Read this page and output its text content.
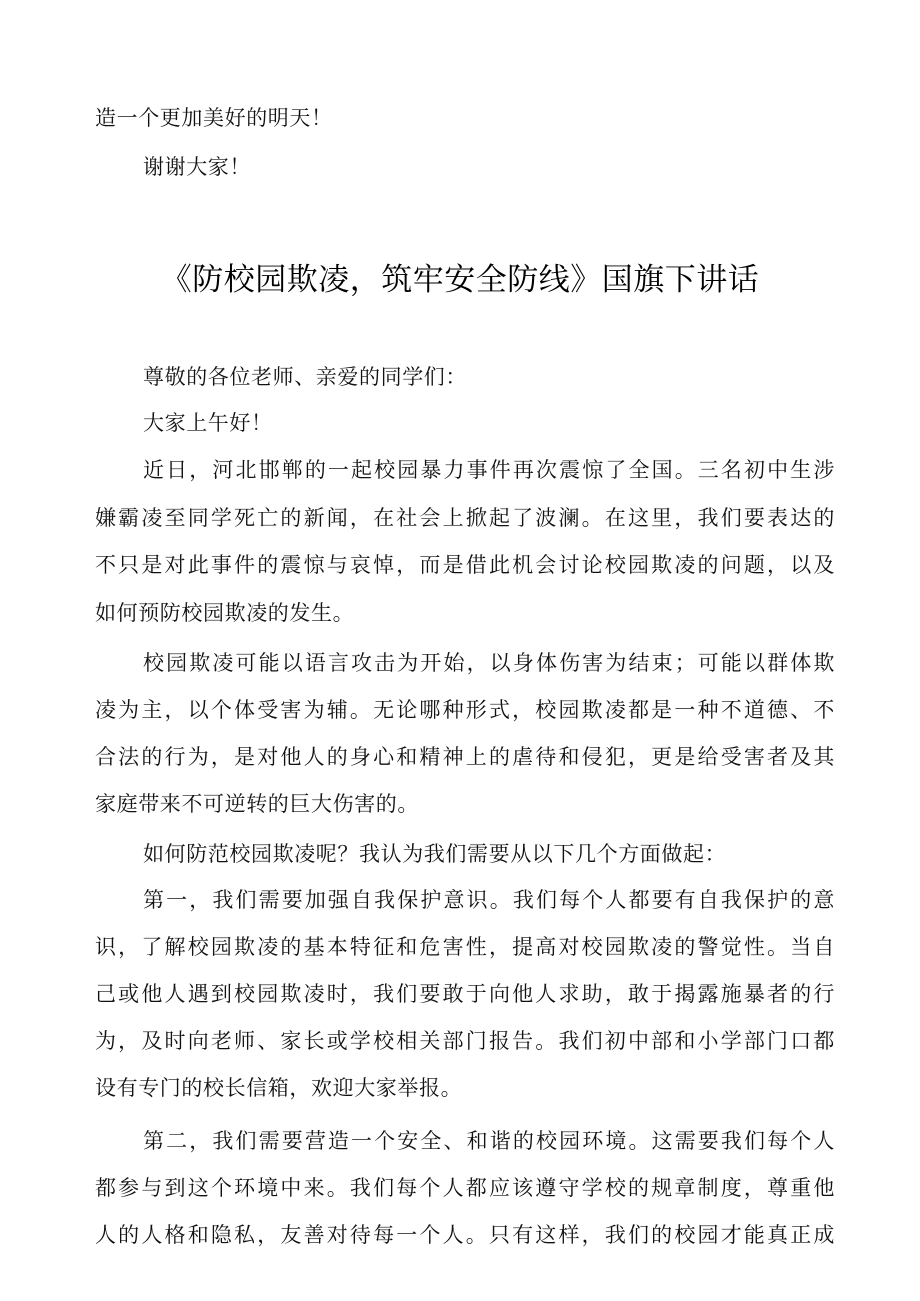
造一个更加美好的明天！
谢谢大家！
《防校园欺凌，筑牢安全防线》国旗下讲话
尊敬的各位老师、亲爱的同学们：
大家上午好！
近日，河北邯郸的一起校园暴力事件再次震惊了全国。三名初中生涉
嫌霸凌至同学死亡的新闻，在社会上掀起了波澜。在这里，我们要表达的
不只是对此事件的震惊与哀悼，而是借此机会讨论校园欺凌的问题，以及
如何预防校园欺凌的发生。
校园欺凌可能以语言攻击为开始，以身体伤害为结束；可能以群体欺
凌为主，以个体受害为辅。无论哪种形式，校园欺凌都是一种不道德、不
合法的行为，是对他人的身心和精神上的虐待和侵犯，更是给受害者及其
家庭带来不可逆转的巨大伤害的。
如何防范校园欺凌呢？我认为我们需要从以下几个方面做起：
第一，我们需要加强自我保护意识。我们每个人都要有自我保护的意
识，了解校园欺凌的基本特征和危害性，提高对校园欺凌的警觉性。当自
己或他人遇到校园欺凌时，我们要敢于向他人求助，敢于揭露施暴者的行
为，及时向老师、家长或学校相关部门报告。我们初中部和小学部门口都
设有专门的校长信箱，欢迎大家举报。
第二，我们需要营造一个安全、和谐的校园环境。这需要我们每个人
都参与到这个环境中来。我们每个人都应该遵守学校的规章制度，尊重他
人的人格和隐私，友善对待每一个人。只有这样，我们的校园才能真正成
